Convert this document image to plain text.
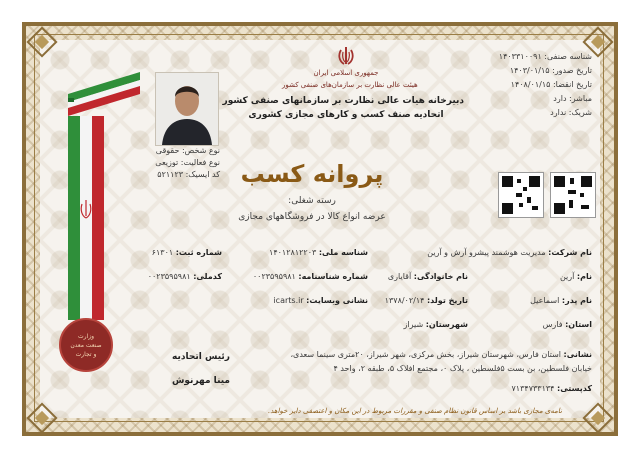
جمهوری اسلامی ایران
هیئت عالی نظارت بر سازمان‌های صنفی کشور
دبیرخانه هیات عالی نظارت بر سازمانهای صنفی کشور
اتحادیه صنف کسب و کارهای مجازی کشوری
شناسه صنفی: ۱۴۰۳۳۱۰۰۹۱
تاریخ صدور: ۱۴۰۳/۰۱/۱۵
تاریخ انقضا: ۱۴۰۸/۰۱/۱۵
مباشر: دارد
شریک: ندارد
نوع شخص: حقوقی
نوع فعالیت: توزیعی
کد ایسیک: ۵۲۱۱۲۳
وزارت
صنعت معدن
و تجارت
پروانه کسب
رسته شغلی:
عرضه انواع کالا در فروشگاههای مجازی
نام شرکت: مدیریت هوشمند پیشرو آرش و آرین
شناسه ملی: ۱۴۰۱۲۸۱۲۲۰۳
شماره ثبت: ۶۱۳۰۱
نام: آرین
نام خانوادگی: آقایاری
شماره شناسنامه: ۰۰۲۳۵۹۵۹۸۱
کدملی: ۰۰۲۳۵۹۵۹۸۱
نام پدر: اسماعیل
تاریخ تولد: ۱۳۷۸/۰۲/۱۴
نشانی وبسایت: icarts.ir
استان: فارس
شهرستان: شیراز
رئیس اتحادیه
مینا مهرنوش
نشانی: استان فارس، شهرستان شیراز، بخش مرکزی، شهر شیراز، ۲۰متری سینما سعدی،
خیابان فلسطین، بن بست ۵فلسطین ، پلاک ۰، مجتمع افلاک ۵، طبقه ۲، واحد ۴
کدپستی: ۷۱۳۴۷۳۳۱۳۴
نامه‌ی مجازی باشد بر اساس قانون نظام صنفی و مقررات مربوط در این مکان و اعتصفی دایر خواهد.
